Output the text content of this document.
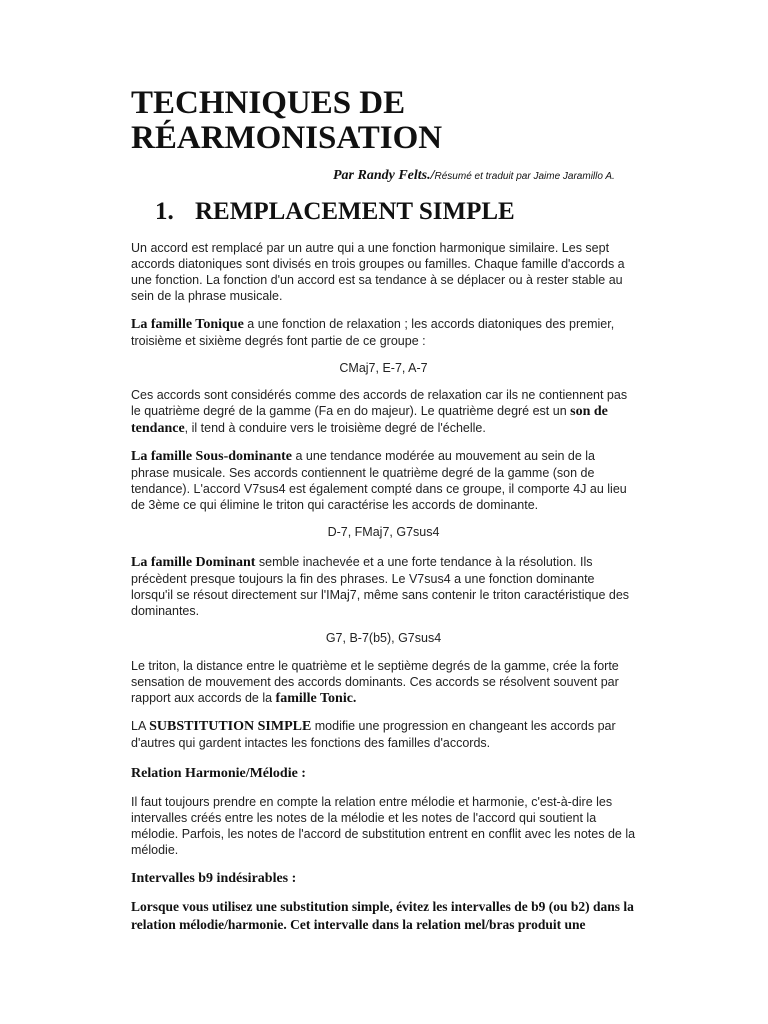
TECHNIQUES DE
RÉARMONISATION
Par Randy Felts./Résumé et traduit par Jaime Jaramillo A.
1. REMPLACEMENT SIMPLE

Un accord est remplacé par un autre qui a une fonction harmonique similaire. Les sept accords diatoniques sont divisés en trois groupes ou familles. Chaque famille d'accords a une fonction. La fonction d'un accord est sa tendance à se déplacer ou à rester stable au sein de la phrase musicale.

La famille Tonique a une fonction de relaxation ; les accords diatoniques des premier, troisième et sixième degrés font partie de ce groupe :

CMaj7, E-7, A-7

Ces accords sont considérés comme des accords de relaxation car ils ne contiennent pas le quatrième degré de la gamme (Fa en do majeur). Le quatrième degré est un son de tendance, il tend à conduire vers le troisième degré de l'échelle.

La famille Sous-dominante a une tendance modérée au mouvement au sein de la phrase musicale. Ses accords contiennent le quatrième degré de la gamme (son de tendance). L'accord V7sus4 est également compté dans ce groupe, il comporte 4J au lieu de 3ème ce qui élimine le triton qui caractérise les accords de dominante.

D-7, FMaj7, G7sus4

La famille Dominant semble inachevée et a une forte tendance à la résolution. Ils précèdent presque toujours la fin des phrases. Le V7sus4 a une fonction dominante lorsqu'il se résout directement sur l'IMaj7, même sans contenir le triton caractéristique des dominantes.

G7, B-7(b5), G7sus4

Le triton, la distance entre le quatrième et le septième degrés de la gamme, crée la forte sensation de mouvement des accords dominants. Ces accords se résolvent souvent par rapport aux accords de la famille Tonic.

LA SUBSTITUTION SIMPLE modifie une progression en changeant les accords par d'autres qui gardent intactes les fonctions des familles d'accords.

Relation Harmonie/Mélodie :

Il faut toujours prendre en compte la relation entre mélodie et harmonie, c'est-à-dire les intervalles créés entre les notes de la mélodie et les notes de l'accord qui soutient la mélodie. Parfois, les notes de l'accord de substitution entrent en conflit avec les notes de la mélodie.

Intervalles b9 indésirables :

Lorsque vous utilisez une substitution simple, évitez les intervalles de b9 (ou b2) dans la relation mélodie/harmonie. Cet intervalle dans la relation mel/bras produit une
